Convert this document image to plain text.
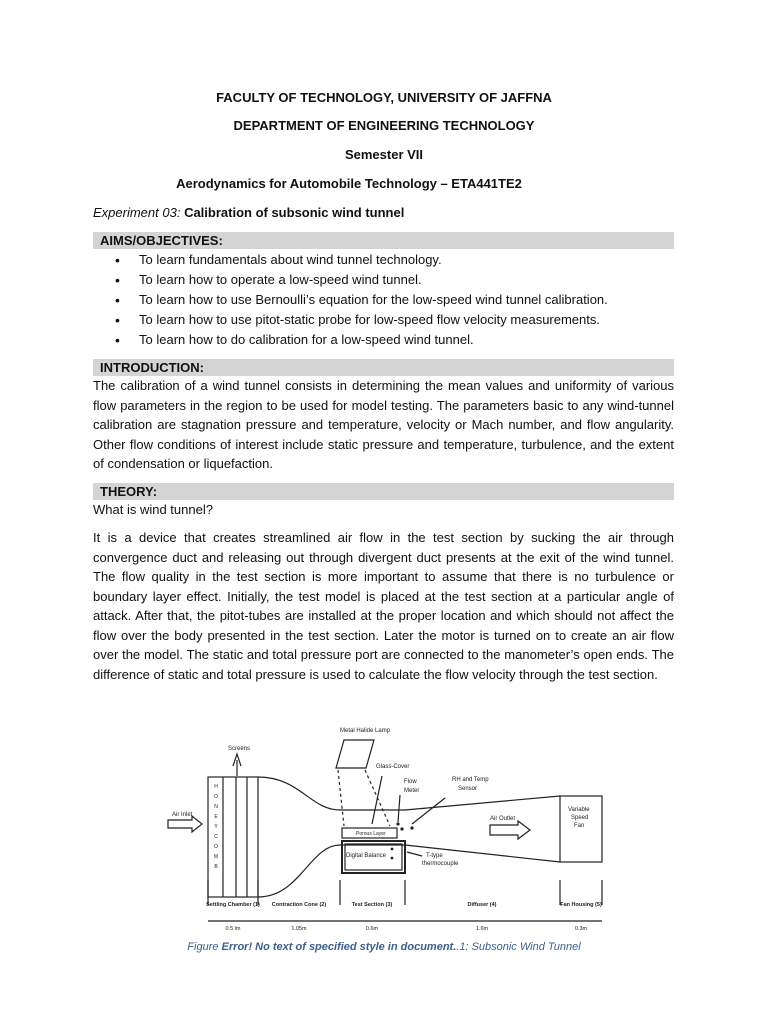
FACULTY OF TECHNOLOGY, UNIVERSITY OF JAFFNA
DEPARTMENT OF ENGINEERING TECHNOLOGY
Semester VII
Aerodynamics for Automobile Technology – ETA441TE2
Experiment 03: Calibration of subsonic wind tunnel
AIMS/OBJECTIVES:
• To learn fundamentals about wind tunnel technology.
• To learn how to operate a low-speed wind tunnel.
• To learn how to use Bernoulli’s equation for the low-speed wind tunnel calibration.
• To learn how to use pitot-static probe for low-speed flow velocity measurements.
• To learn how to do calibration for a low-speed wind tunnel.
INTRODUCTION:
The calibration of a wind tunnel consists in determining the mean values and uniformity of various flow parameters in the region to be used for model testing. The parameters basic to any wind-tunnel calibration are stagnation pressure and temperature, velocity or Mach number, and flow angularity. Other flow conditions of interest include static pressure and temperature, turbulence, and the extent of condensation or liquefaction.
THEORY:
What is wind tunnel?
It is a device that creates streamlined air flow in the test section by sucking the air through convergence duct and releasing out through divergent duct presents at the exit of the wind tunnel. The flow quality in the test section is more important to assume that there is no turbulence or boundary layer effect. Initially, the test model is placed at the test section at a particular angle of attack. After that, the pitot-tubes are installed at the proper location and which should not affect the flow over the body presented in the test section. Later the motor is turned on to create an air flow over the model. The static and total pressure port are connected to the manometer’s open ends. The difference of static and total pressure is used to calculate the flow velocity through the test section.
Metal Halide Lamp
Screens
Glass-Cover
Flow
Meter
RH and Temp
Sensor
Variable
Speed
Fan
Air Inlet
Air Outlet
Porous Layer
Digital Balance	T-type
thermocouple
H
O
N
E
Y
C
O
M
B
Settling Chamber (1) Contraction Cone (2)	Test Section (3)	Diffuser (4)	Fan Housing (5)
0.5 lm	1.05m	0.6m	1.6m	0.3m
Figure Error! No text of specified style in document..1: Subsonic Wind Tunnel
